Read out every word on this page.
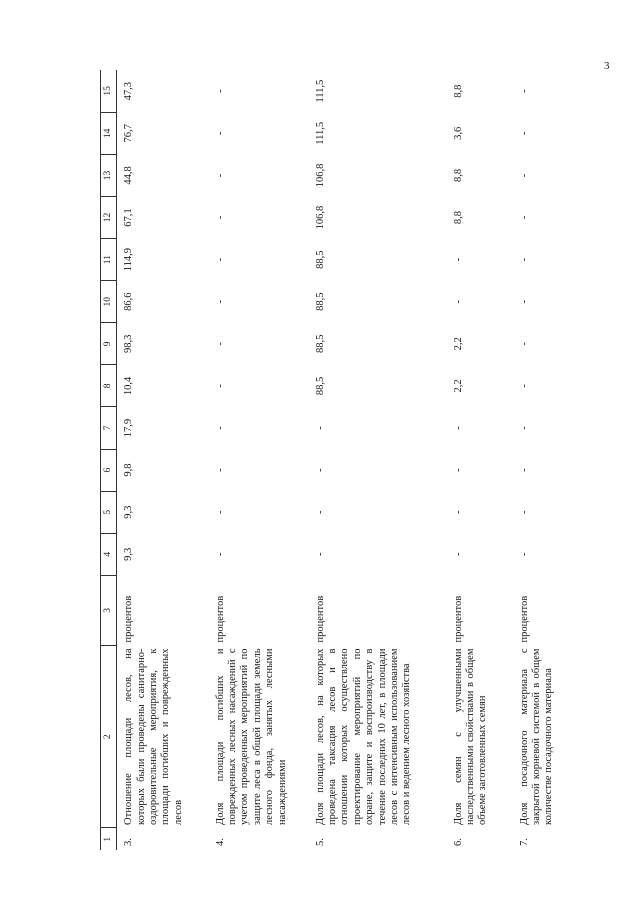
3
1	2	3	4	5	6	7	8	9	10	11	12	13	14	15
3.	Отношение площади лесов, на которых были проведены санитарно-оздоровительные мероприятия, к площади погибших и поврежденных лесов	процентов	9,3	9,3	9,8	17,9	10,4	98,3	86,6	114,9	67,1	44,8	76,7	47,3
4.	Доля площади погибших и поврежденных лесных насаждений с учетом проведенных мероприятий по защите леса в общей площади земель лесного фонда, занятых лесными насаждениями	процентов	-	-	-	-	-	-	-	-	-	-	-	-
5.	Доля площади лесов, на которых проведена таксация лесов и в отношении которых осуществлено проектирование мероприятий по охране, защите и воспроизводству в течение последних 10 лет, в площади лесов с интенсивным использованием лесов и ведением лесного хозяйства	процентов	-	-	-	-	88,5	88,5	88,5	88,5	106,8	106,8	111,5	111,5
6.	Доля семян с улучшенными наследственными свойствами в общем объеме заготовленных семян	процентов	-	-	-	-	2,2	2,2	-	-	8,8	8,8	3,6	8,8
7.	Доля посадочного материала с закрытой корневой системой в общем количестве посадочного материала	процентов	-	-	-	-	-	-	-	-	-	-	-	-
